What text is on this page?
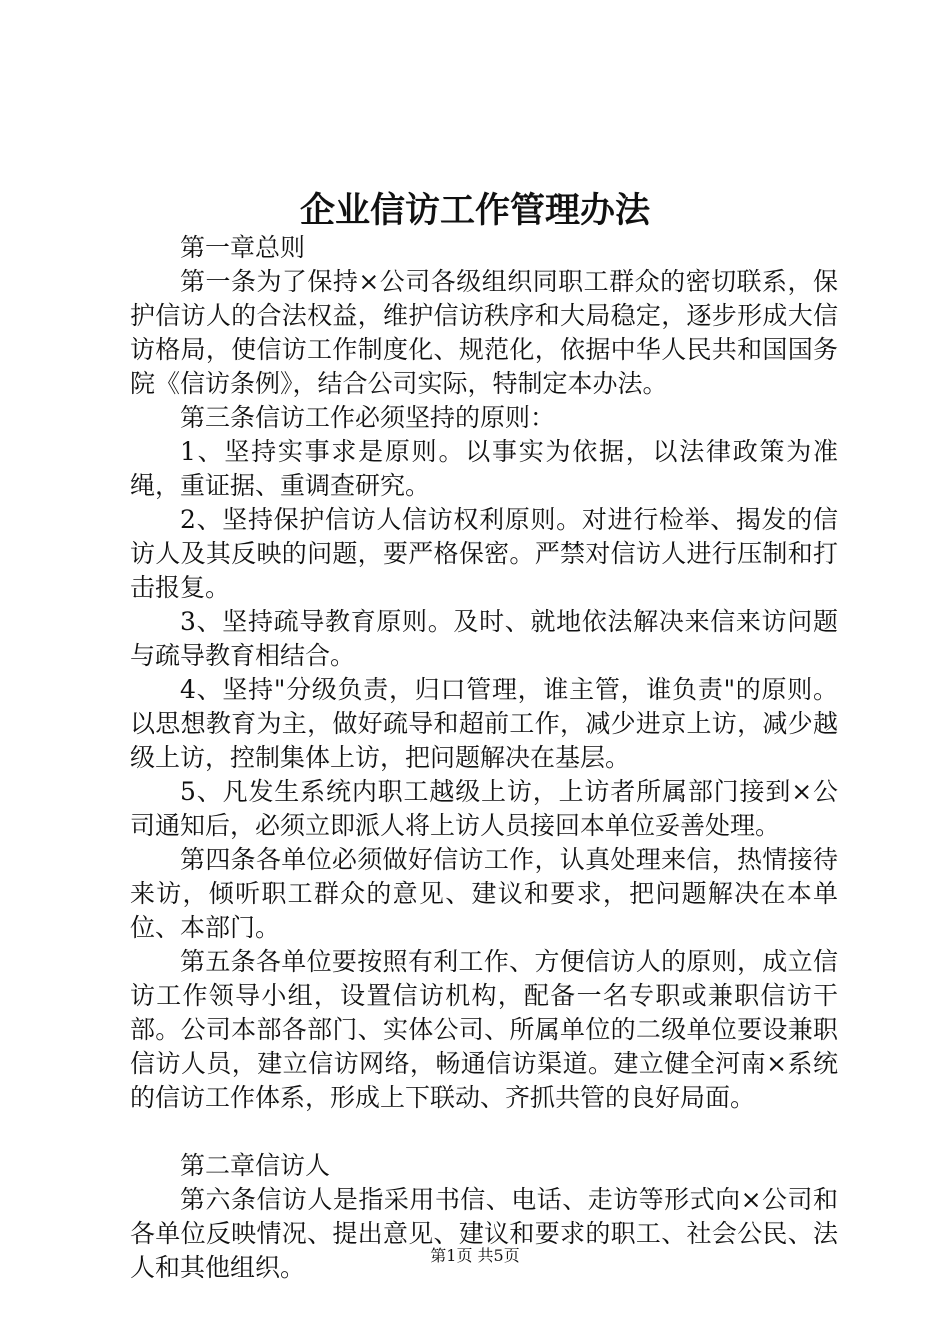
企业信访工作管理办法

第一章总则

第一条为了保持×公司各级组织同职工群众的密切联系，保护信访人的合法权益，维护信访秩序和大局稳定，逐步形成大信访格局，使信访工作制度化、规范化，依据中华人民共和国国务院《信访条例》，结合公司实际，特制定本办法。

第三条信访工作必须坚持的原则：

1、坚持实事求是原则。以事实为依据，以法律政策为准绳，重证据、重调查研究。

2、坚持保护信访人信访权利原则。对进行检举、揭发的信访人及其反映的问题，要严格保密。严禁对信访人进行压制和打击报复。

3、坚持疏导教育原则。及时、就地依法解决来信来访问题与疏导教育相结合。

4、坚持"分级负责，归口管理，谁主管，谁负责"的原则。以思想教育为主，做好疏导和超前工作，减少进京上访，减少越级上访，控制集体上访，把问题解决在基层。

5、凡发生系统内职工越级上访，上访者所属部门接到×公司通知后，必须立即派人将上访人员接回本单位妥善处理。

第四条各单位必须做好信访工作，认真处理来信，热情接待来访，倾听职工群众的意见、建议和要求，把问题解决在本单位、本部门。

第五条各单位要按照有利工作、方便信访人的原则，成立信访工作领导小组，设置信访机构，配备一名专职或兼职信访干部。公司本部各部门、实体公司、所属单位的二级单位要设兼职信访人员，建立信访网络，畅通信访渠道。建立健全河南×系统的信访工作体系，形成上下联动、齐抓共管的良好局面。

第二章信访人

第六条信访人是指采用书信、电话、走访等形式向×公司和各单位反映情况、提出意见、建议和要求的职工、社会公民、法人和其他组织。	第1页 共5页
